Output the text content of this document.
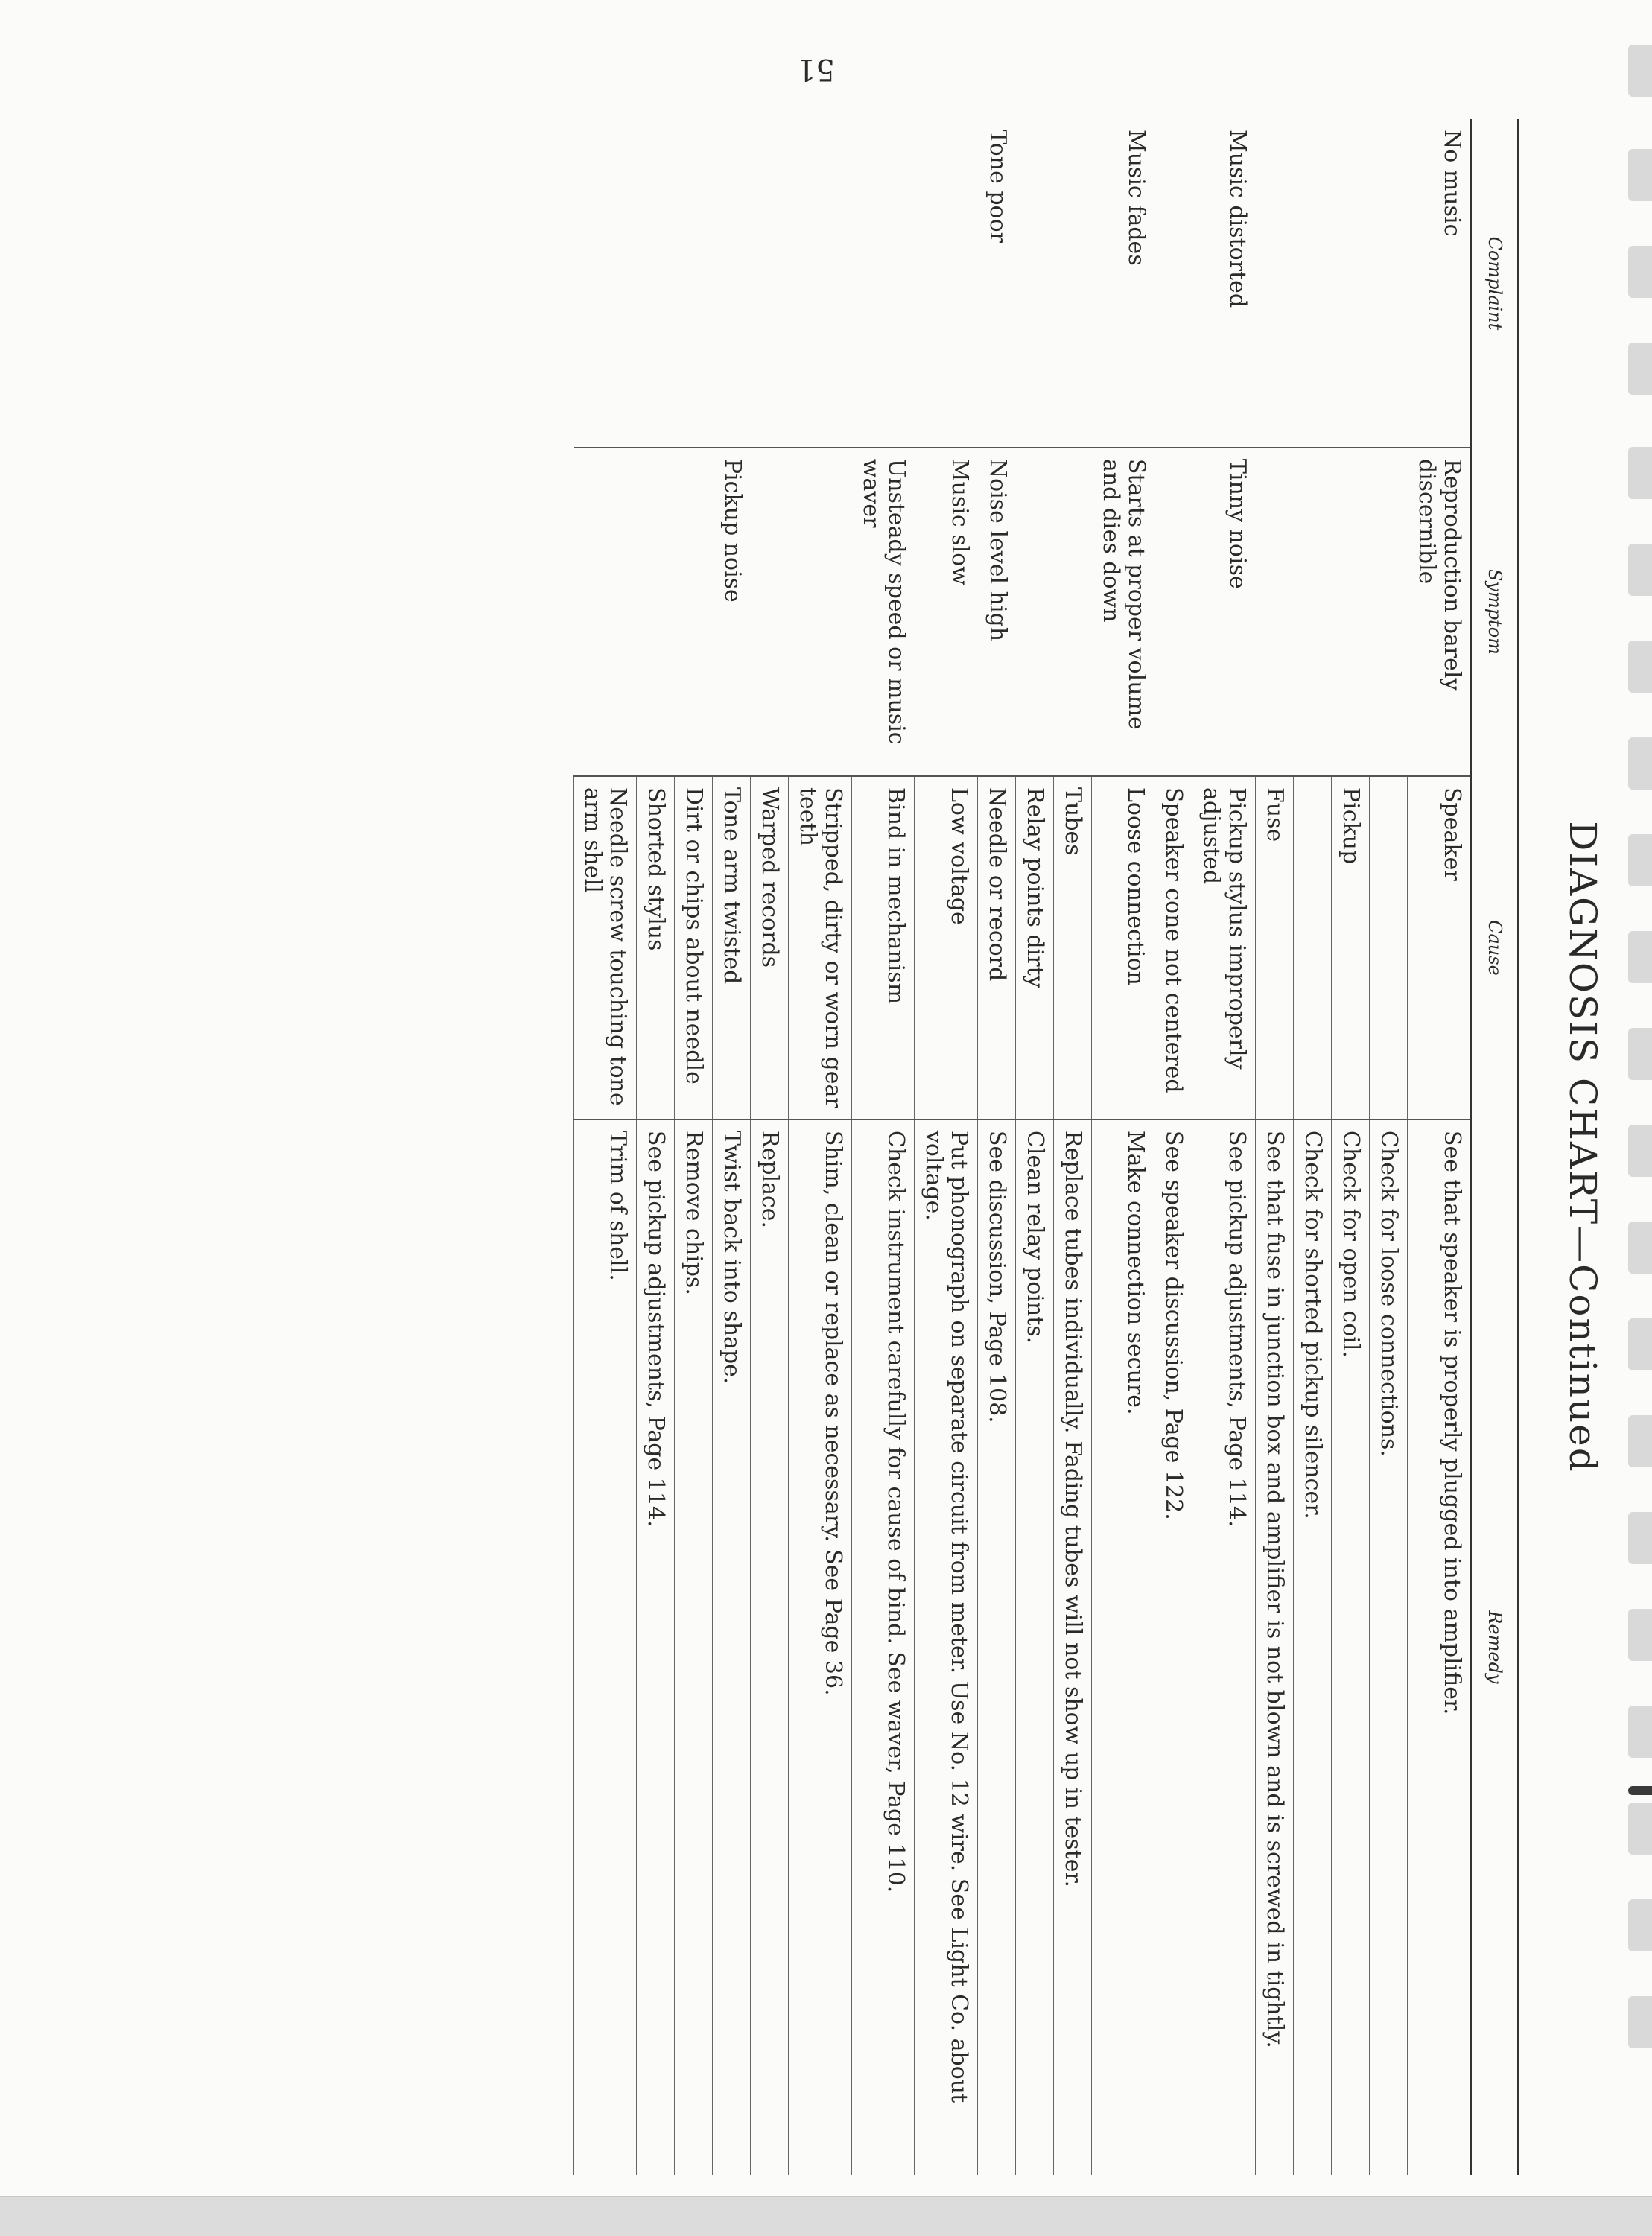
51
DIAGNOSIS CHART—Continued
Complaint	Symptom	Cause	Remedy
No music	Reproduction barely discernible	Speaker	See that speaker is properly plugged into amplifier.
			Check for loose connections.
		Pickup	Check for open coil.
			Check for shorted pickup silencer.
		Fuse	See that fuse in junction box and amplifier is not blown and is screwed in tightly.
Music distorted	Tinny noise	Pickup stylus improperly adjusted	See pickup adjustments, Page 114.
		Speaker cone not centered	See speaker discussion, Page 122.
Music fades	Starts at proper volume and dies down	Loose connection	Make connection secure.
		Tubes	Replace tubes individually. Fading tubes will not show up in tester.
		Relay points dirty	Clean relay points.
Tone poor	Noise level high	Needle or record	See discussion, Page 108.
	Music slow	Low voltage	Put phonograph on separate circuit from meter. Use No. 12 wire. See Light Co. about voltage.
	Unsteady speed or music waver	Bind in mechanism	Check instrument carefully for cause of bind. See waver, Page 110.
		Stripped, dirty or worn gear teeth	Shim, clean or replace as necessary. See Page 36.
		Warped records	Replace.
	Pickup noise	Tone arm twisted	Twist back into shape.
		Dirt or chips about needle	Remove chips.
		Shorted stylus	See pickup adjustments, Page 114.
		Needle screw touching tone arm shell	Trim of shell.
